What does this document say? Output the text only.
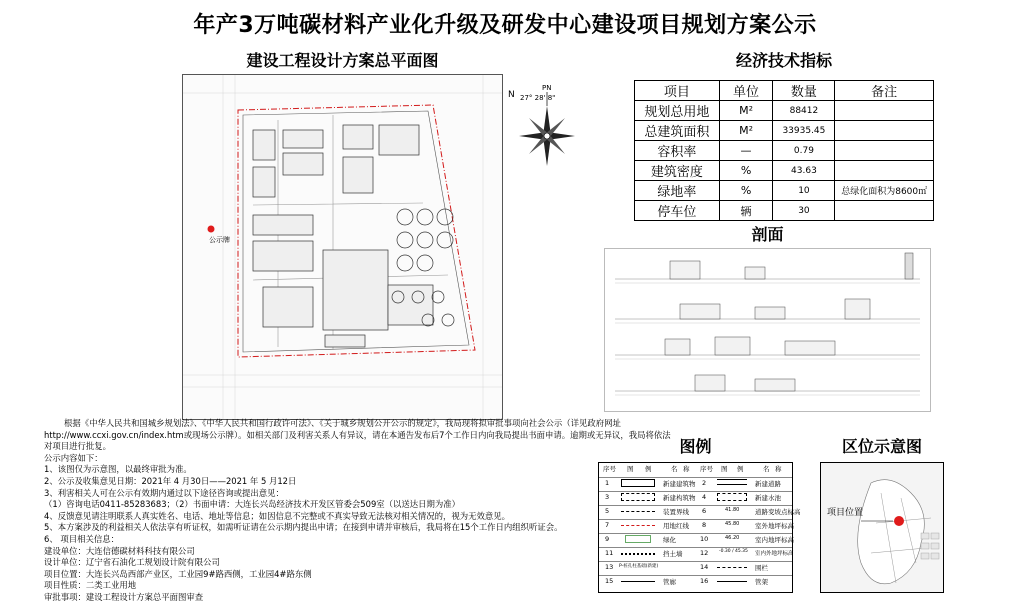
年产3万吨碳材料产业化升级及研发中心建设项目规划方案公示
建设工程设计方案总平面图
公示牌
PN
27° 28' 8"
N
经济技术指标
项目	单位	数量	备注
规划总用地	M²	88412	
总建筑面积	M²	33935.45	
容积率	—	0.79	
建筑密度	%	43.63	
绿地率	%	10	总绿化面积为8600㎡
停车位	辆	30	
剖面

根据《中华人民共和国城乡规划法》、《中华人民共和国行政许可法》、《关于城乡规划公开公示的规定》，我局现将拟审批事项向社会公示（详见政府网址

http://www.ccxi.gov.cn/index.htm或现场公示牌）。如相关部门及利害关系人有异议，请在本通告发布后7个工作日内向我局提出书面申请。逾期或无异议，我局将依法

对项目进行批复。

公示内容如下：

1、该图仅为示意图，以最终审批为准。

2、公示及收集意见日期：2021年 4 月30日——2021 年 5 月12日

3、利害相关人可在公示有效期内通过以下途径咨询或提出意见：

（1）咨询电话0411-85283683；（2）书面申请：大连长兴岛经济技术开发区管委会509室（以送达日期为准）

4、反馈意见请注明联系人真实姓名、电话、地址等信息；如因信息不完整或不真实导致无法核对相关情况的，视为无效意见。

5、本方案涉及的利益相关人依法享有听证权，如需听证请在公示期内提出申请；在接到申请并审核后，我局将在15个工作日内组织听证会。

6、 项目相关信息：

建设单位：大连信德碳材料科技有限公司

设计单位：辽宁省石油化工规划设计院有限公司

项目位置：大连长兴岛西部产业区，工业园9#路西侧，工业园4#路东侧

项目性质：二类工业用地

审批事项：建设工程设计方案总平面图审查

图例
序号 图 例	名 称 序号 图 例	名 称
1	新建建筑物 2	新建道路
3	新建构筑物 4	新建水池
5	装置界线 6	41.80 道路变坡点标高
7	用地红线 8	45.80 室外地坪标高
9	绿化	10	46.20 室内地坪标高
11	挡土墙	12 -0.30 / 45.35 室内外地坪标高
13 P-桩孔柱基础(新建)	14	围栏
15	管廊	16	管架
区位示意图
项目位置
